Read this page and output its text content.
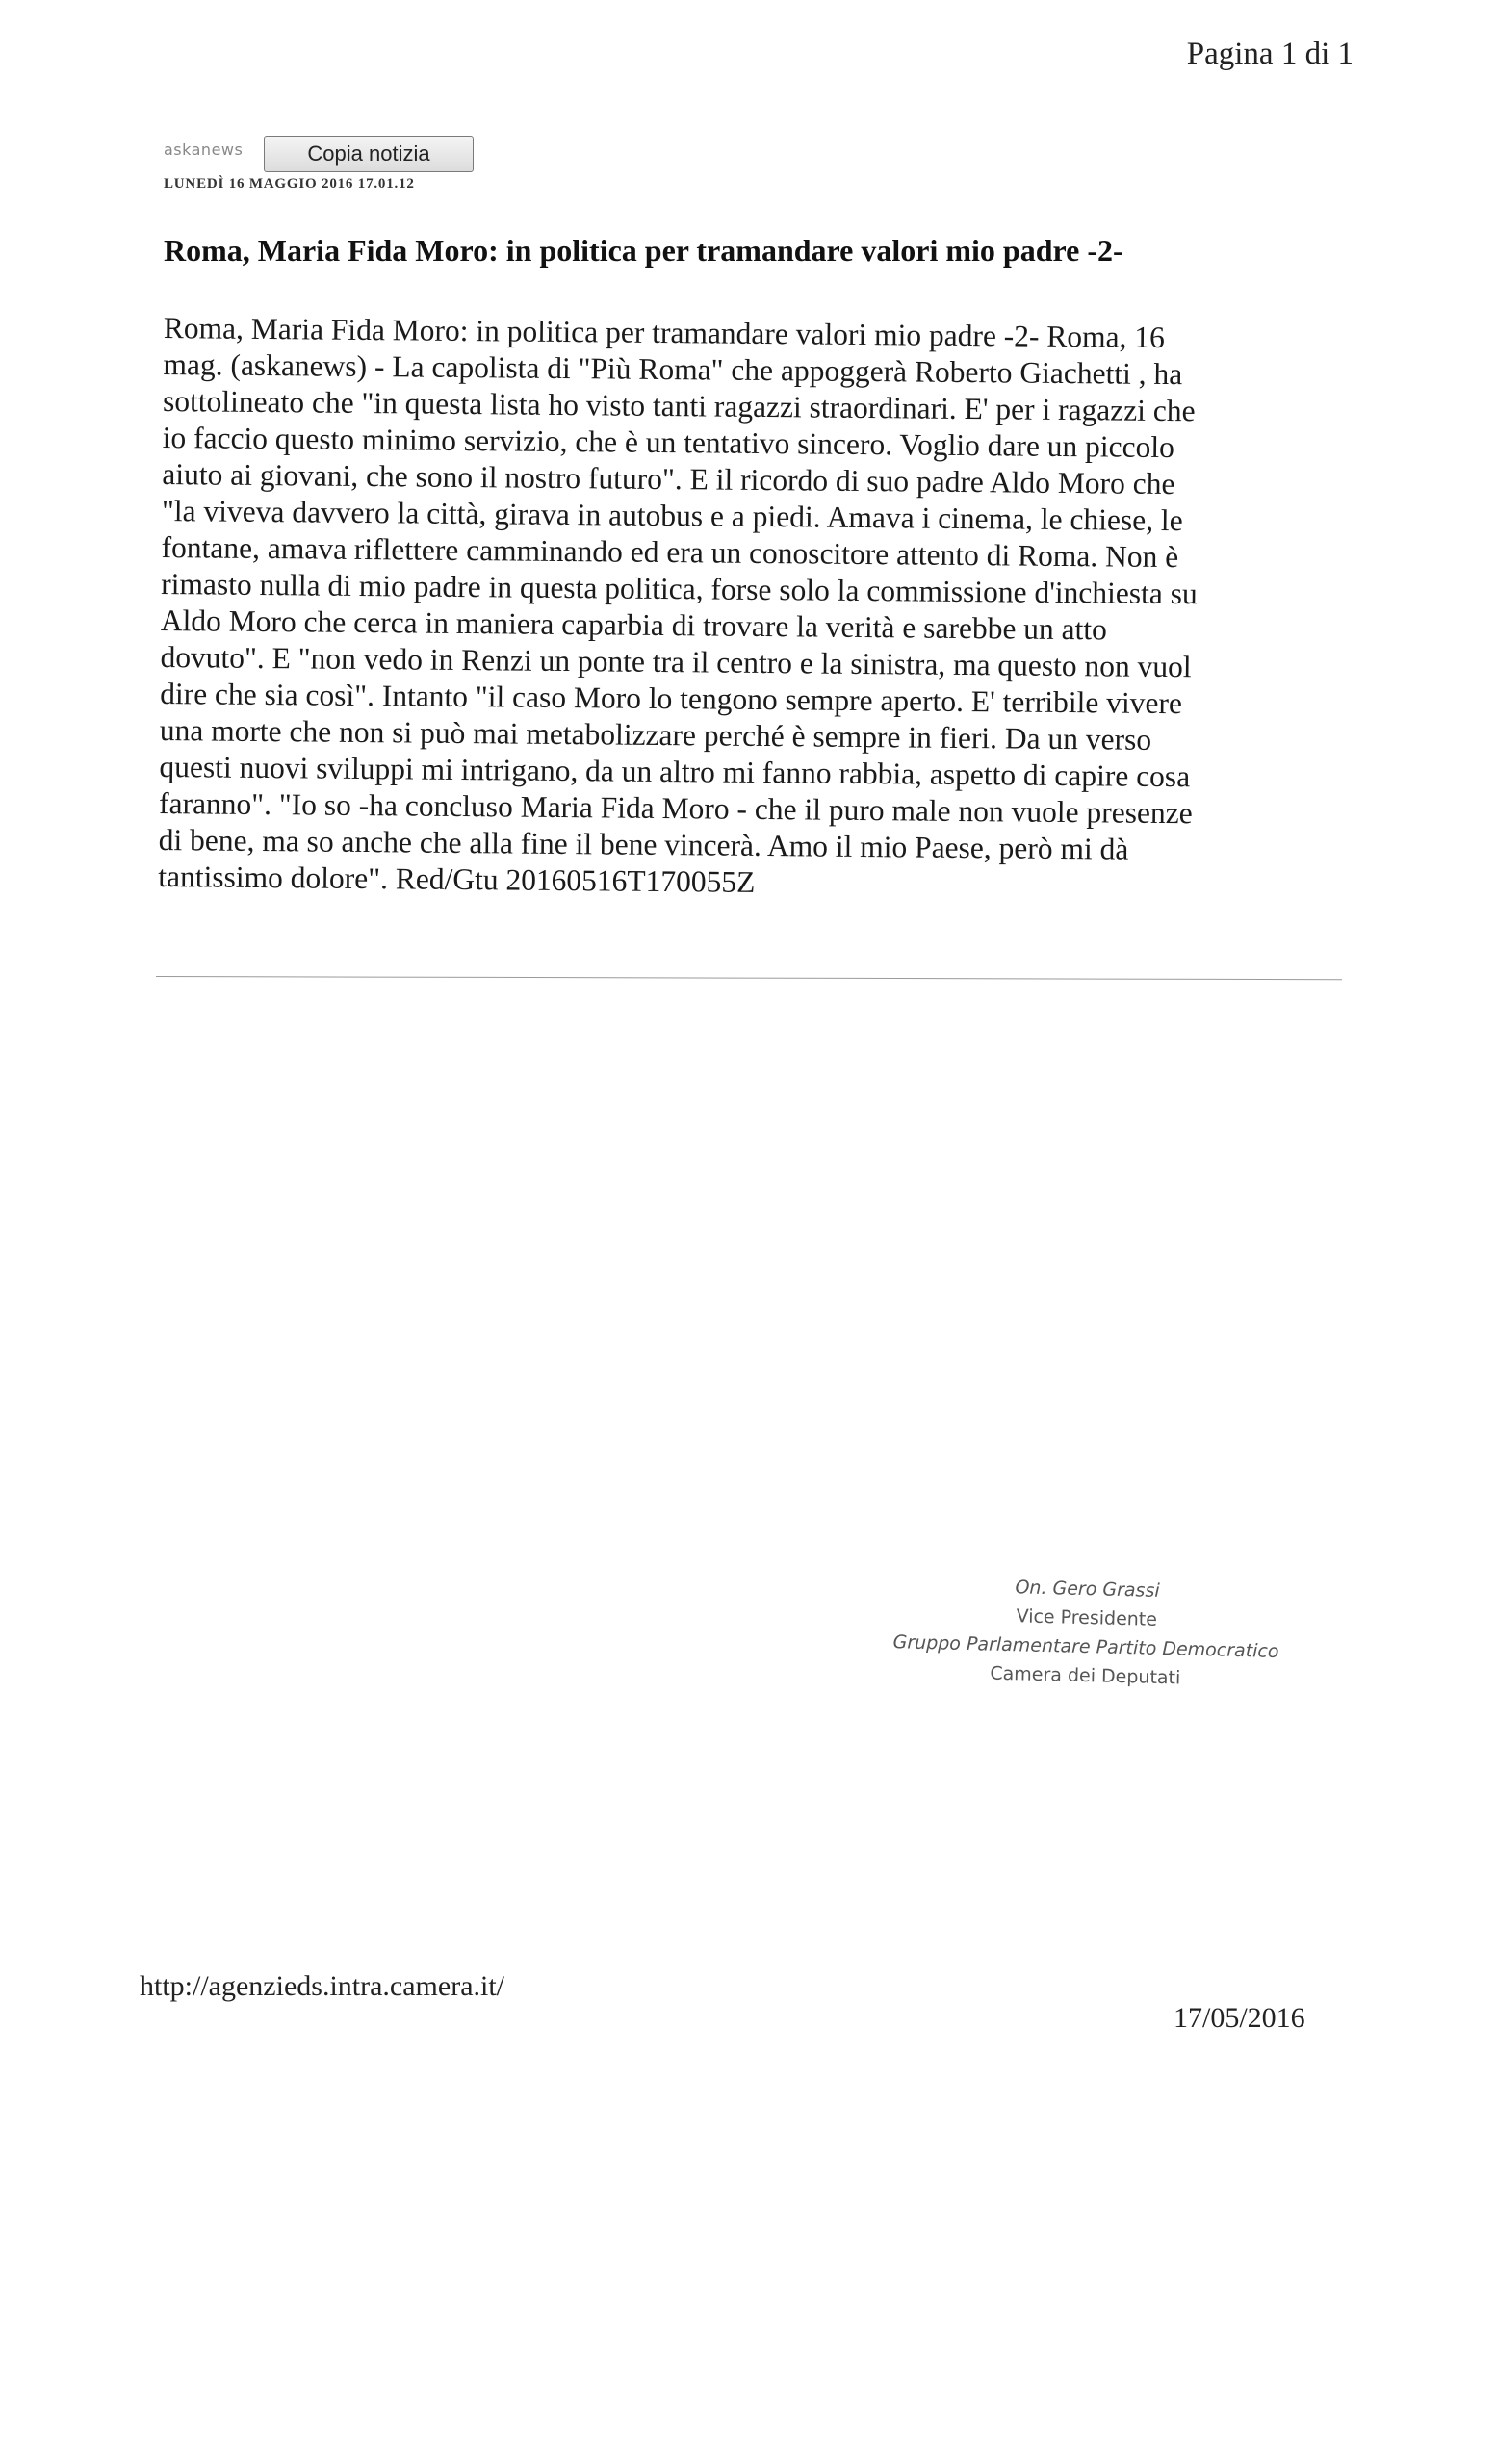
Pagina 1 di 1
askanews	Copia notizia
LUNEDÌ 16 MAGGIO 2016 17.01.12
Roma, Maria Fida Moro: in politica per tramandare valori mio padre -2-
Roma, Maria Fida Moro: in politica per tramandare valori mio padre -2- Roma, 16
mag. (askanews) - La capolista di "Più Roma" che appoggerà Roberto Giachetti , ha
sottolineato che "in questa lista ho visto tanti ragazzi straordinari. E' per i ragazzi che
io faccio questo minimo servizio, che è un tentativo sincero. Voglio dare un piccolo
aiuto ai giovani, che sono il nostro futuro". E il ricordo di suo padre Aldo Moro che
"la viveva davvero la città, girava in autobus e a piedi. Amava i cinema, le chiese, le
fontane, amava riflettere camminando ed era un conoscitore attento di Roma. Non è
rimasto nulla di mio padre in questa politica, forse solo la commissione d'inchiesta su
Aldo Moro che cerca in maniera caparbia di trovare la verità e sarebbe un atto
dovuto". E "non vedo in Renzi un ponte tra il centro e la sinistra, ma questo non vuol
dire che sia così". Intanto "il caso Moro lo tengono sempre aperto. E' terribile vivere
una morte che non si può mai metabolizzare perché è sempre in fieri. Da un verso
questi nuovi sviluppi mi intrigano, da un altro mi fanno rabbia, aspetto di capire cosa
faranno". "Io so -ha concluso Maria Fida Moro - che il puro male non vuole presenze
di bene, ma so anche che alla fine il bene vincerà. Amo il mio Paese, però mi dà
tantissimo dolore". Red/Gtu 20160516T170055Z
On. Gero Grassi
Vice Presidente
Gruppo Parlamentare Partito Democratico
Camera dei Deputati
http://agenzieds.intra.camera.it/
17/05/2016
